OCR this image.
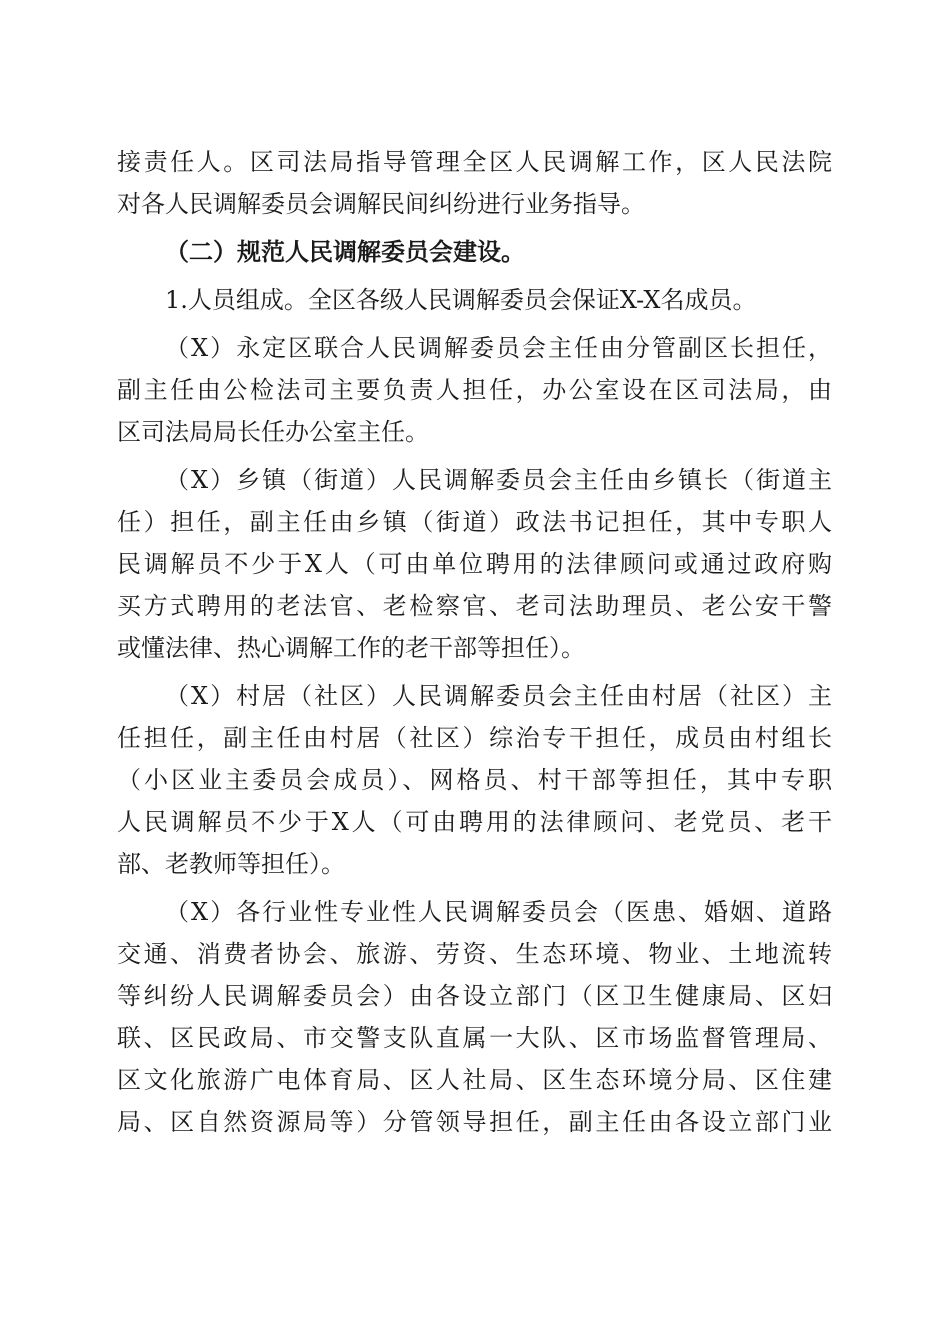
接责任人。区司法局指导管理全区人民调解工作，区人民法院
对各人民调解委员会调解民间纠纷进行业务指导。
（二）规范人民调解委员会建设。
1.人员组成。全区各级人民调解委员会保证X-X名成员。
（X）永定区联合人民调解委员会主任由分管副区长担任，
副主任由公检法司主要负责人担任，办公室设在区司法局，由
区司法局局长任办公室主任。
（X）乡镇（街道）人民调解委员会主任由乡镇长（街道主
任）担任，副主任由乡镇（街道）政法书记担任，其中专职人
民调解员不少于X人（可由单位聘用的法律顾问或通过政府购
买方式聘用的老法官、老检察官、老司法助理员、老公安干警
或懂法律、热心调解工作的老干部等担任）。
（X）村居（社区）人民调解委员会主任由村居（社区）主
任担任，副主任由村居（社区）综治专干担任，成员由村组长
（小区业主委员会成员）、网格员、村干部等担任，其中专职
人民调解员不少于X人（可由聘用的法律顾问、老党员、老干
部、老教师等担任）。
（X）各行业性专业性人民调解委员会（医患、婚姻、道路
交通、消费者协会、旅游、劳资、生态环境、物业、土地流转
等纠纷人民调解委员会）由各设立部门（区卫生健康局、区妇
联、区民政局、市交警支队直属一大队、区市场监督管理局、
区文化旅游广电体育局、区人社局、区生态环境分局、区住建
局、区自然资源局等）分管领导担任，副主任由各设立部门业
